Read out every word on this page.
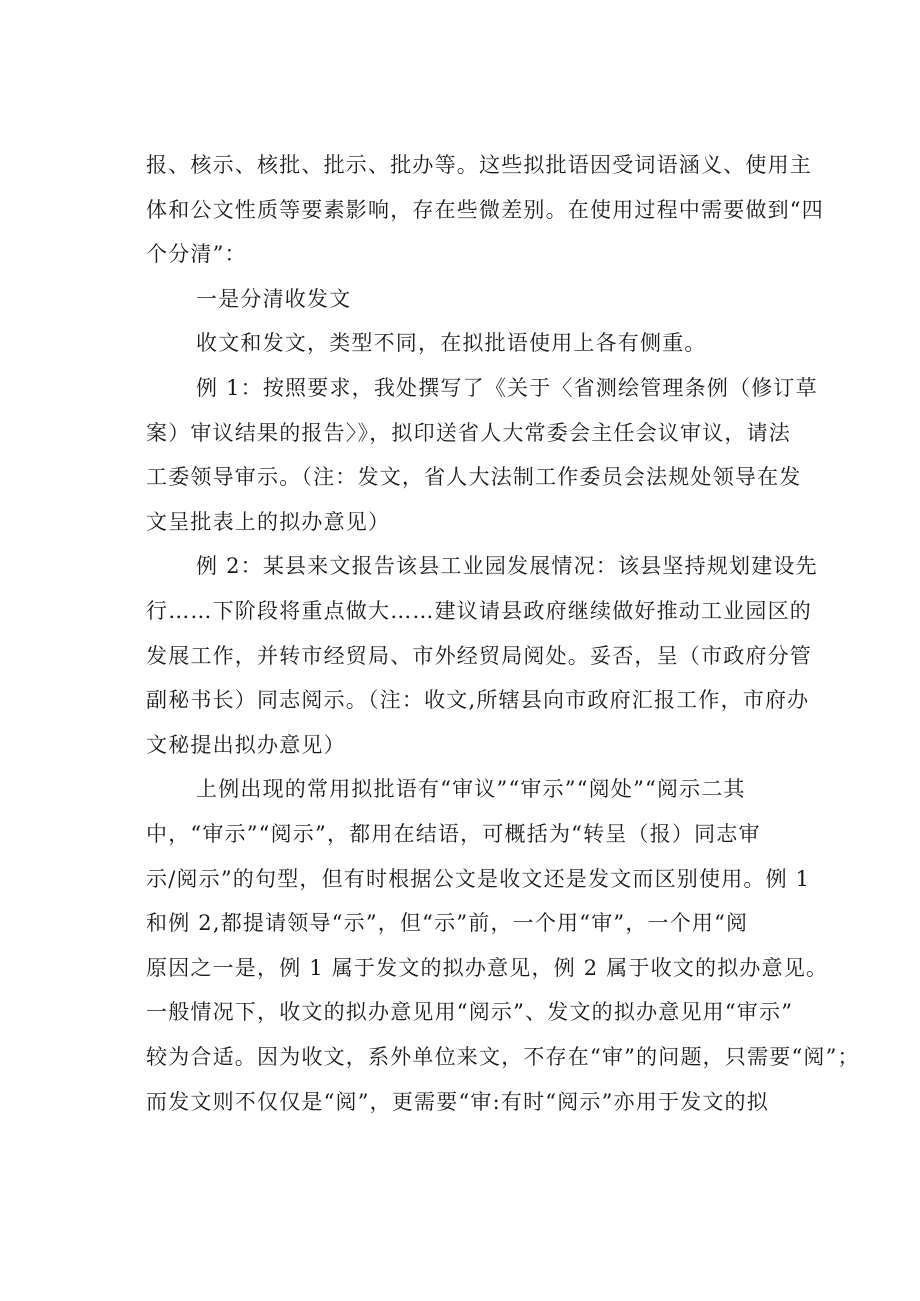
报、核示、核批、批示、批办等。这些拟批语因受词语涵义、使用主
体和公文性质等要素影响，存在些微差别。在使用过程中需要做到“四
个分清”：
一是分清收发文
收文和发文，类型不同，在拟批语使用上各有侧重。
例 1：按照要求，我处撰写了《关于〈省测绘管理条例（修订草
案）审议结果的报告〉》，拟印送省人大常委会主任会议审议，请法
工委领导审示。（注：发文，省人大法制工作委员会法规处领导在发
文呈批表上的拟办意见）
例 2：某县来文报告该县工业园发展情况：该县坚持规划建设先
行……下阶段将重点做大……建议请县政府继续做好推动工业园区的
发展工作，并转市经贸局、市外经贸局阅处。妥否，呈（市政府分管
副秘书长）同志阅示。（注：收文,所辖县向市政府汇报工作，市府办
文秘提出拟办意见）
上例出现的常用拟批语有“审议”“审示”“阅处”“阅示二其
中，“审示”“阅示”，都用在结语，可概括为“转呈（报）同志审
示/阅示”的句型，但有时根据公文是收文还是发文而区别使用。例 1
和例 2,都提请领导“示”，但“示”前，一个用“审”，一个用“阅
原因之一是，例 1 属于发文的拟办意见，例 2 属于收文的拟办意见。
一般情况下，收文的拟办意见用“阅示”、发文的拟办意见用“审示”
较为合适。因为收文，系外单位来文，不存在“审”的问题，只需要“阅”；
而发文则不仅仅是“阅”，更需要“审:有时“阅示”亦用于发文的拟
